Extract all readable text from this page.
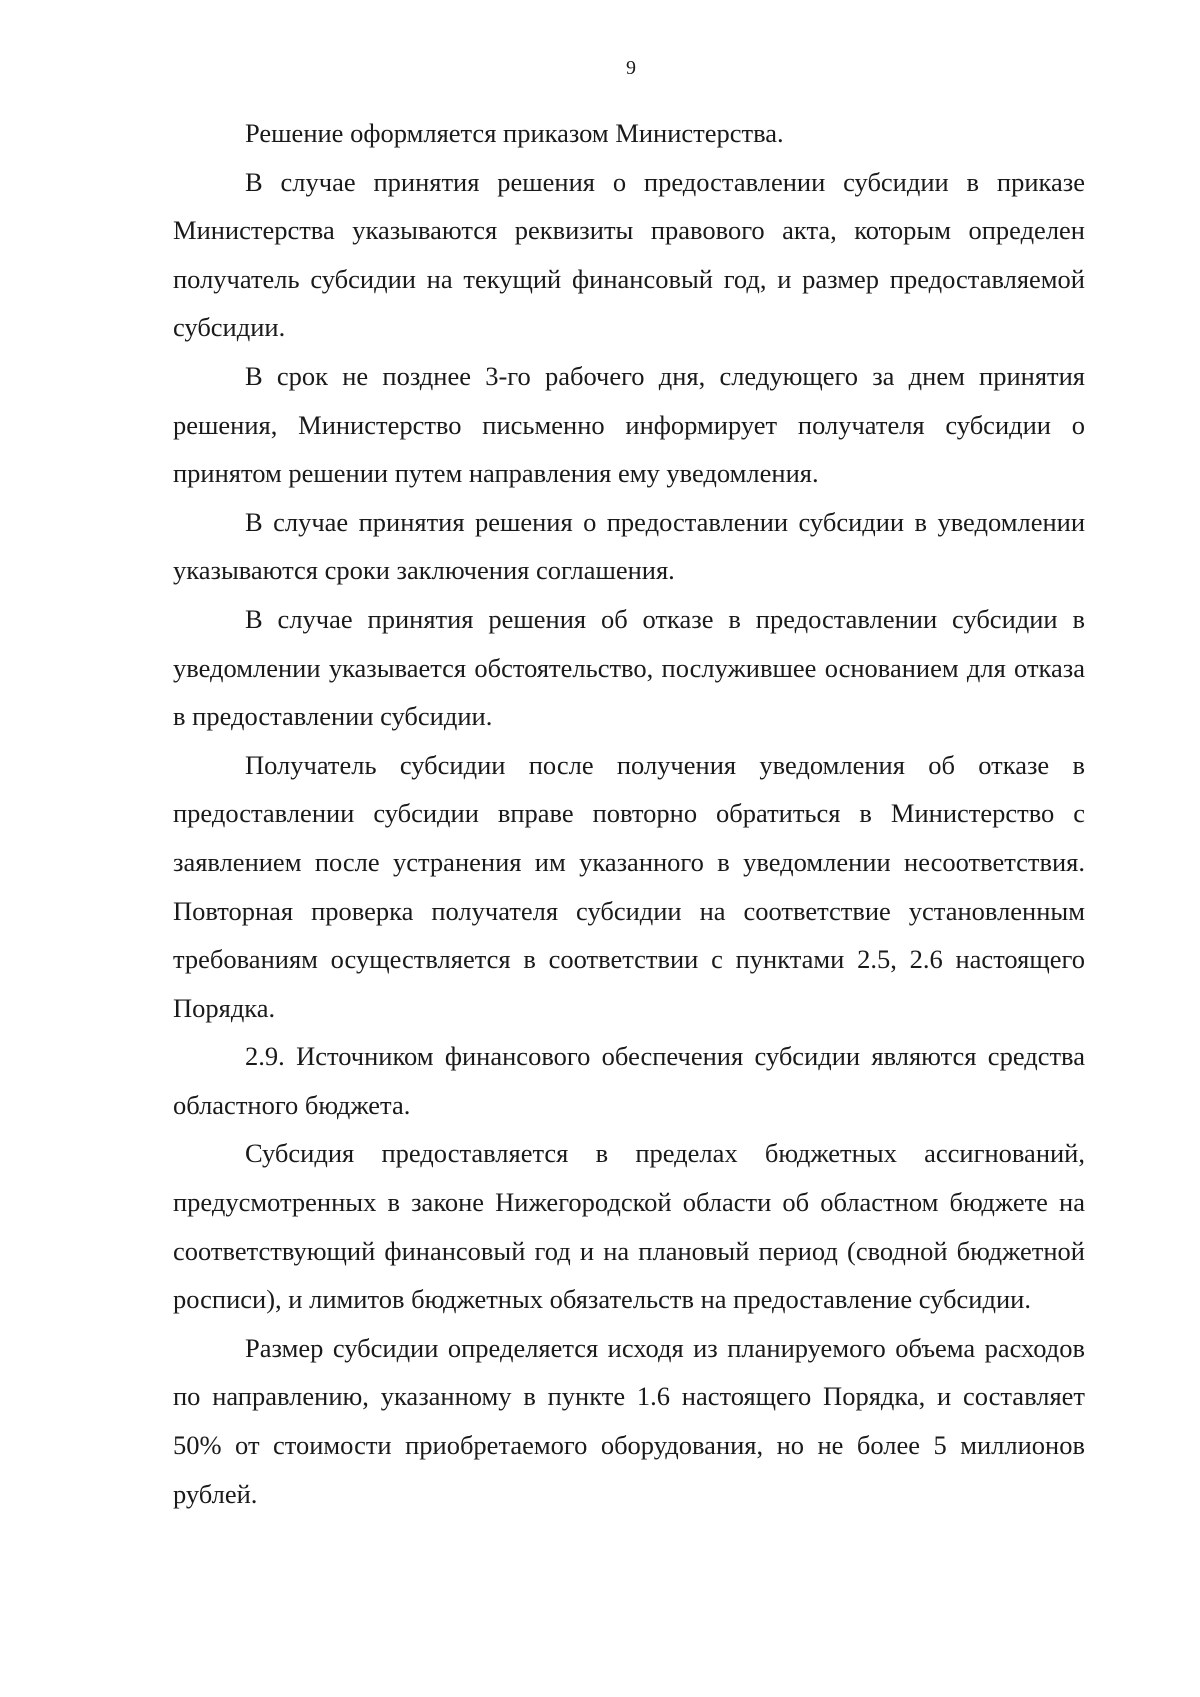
9

Решение оформляется приказом Министерства.

В случае принятия решения о предоставлении субсидии в приказе Министерства указываются реквизиты правового акта, которым определен получатель субсидии на текущий финансовый год, и размер предоставляемой субсидии.

В срок не позднее 3-го рабочего дня, следующего за днем принятия решения, Министерство письменно информирует получателя субсидии о принятом решении путем направления ему уведомления.

В случае принятия решения о предоставлении субсидии в уведомлении указываются сроки заключения соглашения.

В случае принятия решения об отказе в предоставлении субсидии в уведомлении указывается обстоятельство, послужившее основанием для отказа в предоставлении субсидии.

Получатель субсидии после получения уведомления об отказе в предоставлении субсидии вправе повторно обратиться в Министерство с заявлением после устранения им указанного в уведомлении несоответствия. Повторная проверка получателя субсидии на соответствие установленным требованиям осуществляется в соответствии с пунктами 2.5, 2.6 настоящего Порядка.

2.9. Источником финансового обеспечения субсидии являются средства областного бюджета.

Субсидия предоставляется в пределах бюджетных ассигнований, предусмотренных в законе Нижегородской области об областном бюджете на соответствующий финансовый год и на плановый период (сводной бюджетной росписи), и лимитов бюджетных обязательств на предоставление субсидии.

Размер субсидии определяется исходя из планируемого объема расходов по направлению, указанному в пункте 1.6 настоящего Порядка, и составляет 50% от стоимости приобретаемого оборудования, но не более 5 миллионов рублей.
